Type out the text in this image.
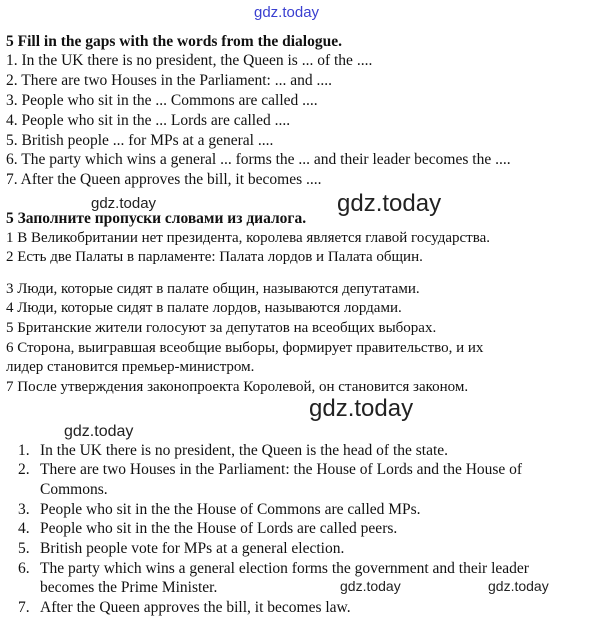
gdz.today
gdz.today	gdz.today
gdz.today
gdz.today
gdz.today	gdz.today
5 Fill in the gaps with the words from the dialogue.
1. In the UK there is no president, the Queen is ... of the ....
2. There are two Houses in the Parliament: ... and ....
3. People who sit in the ... Commons are called ....
4. People who sit in the ... Lords are called ....
5. British people ... for MPs at a general ....
6. The party which wins a general ... forms the ... and their leader becomes the ....
7. After the Queen approves the bill, it becomes ....
5 Заполните пропуски словами из диалога.
1 В Великобритании нет президента, королева является главой государства.
2 Есть две Палаты в парламенте: Палата лордов и Палата общин.
3 Люди, которые сидят в палате общин, называются депутатами.
4 Люди, которые сидят в палате лордов, называются лордами.
5 Британские жители голосуют за депутатов на всеобщих выборах.
6 Сторона, выигравшая всеобщие выборы, формирует правительство, и их
лидер становится премьер-министром.
7 После утверждения законопроекта Королевой, он становится законом.
1. In the UK there is no president, the Queen is the head of the state.
2. There are two Houses in the Parliament: the House of Lords and the House of
Commons.
3. People who sit in the the House of Commons are called MPs.
4. People who sit in the the House of Lords are called peers.
5. British people vote for MPs at a general election.
6. The party which wins a general election forms the government and their leader
becomes the Prime Minister.
7. After the Queen approves the bill, it becomes law.
